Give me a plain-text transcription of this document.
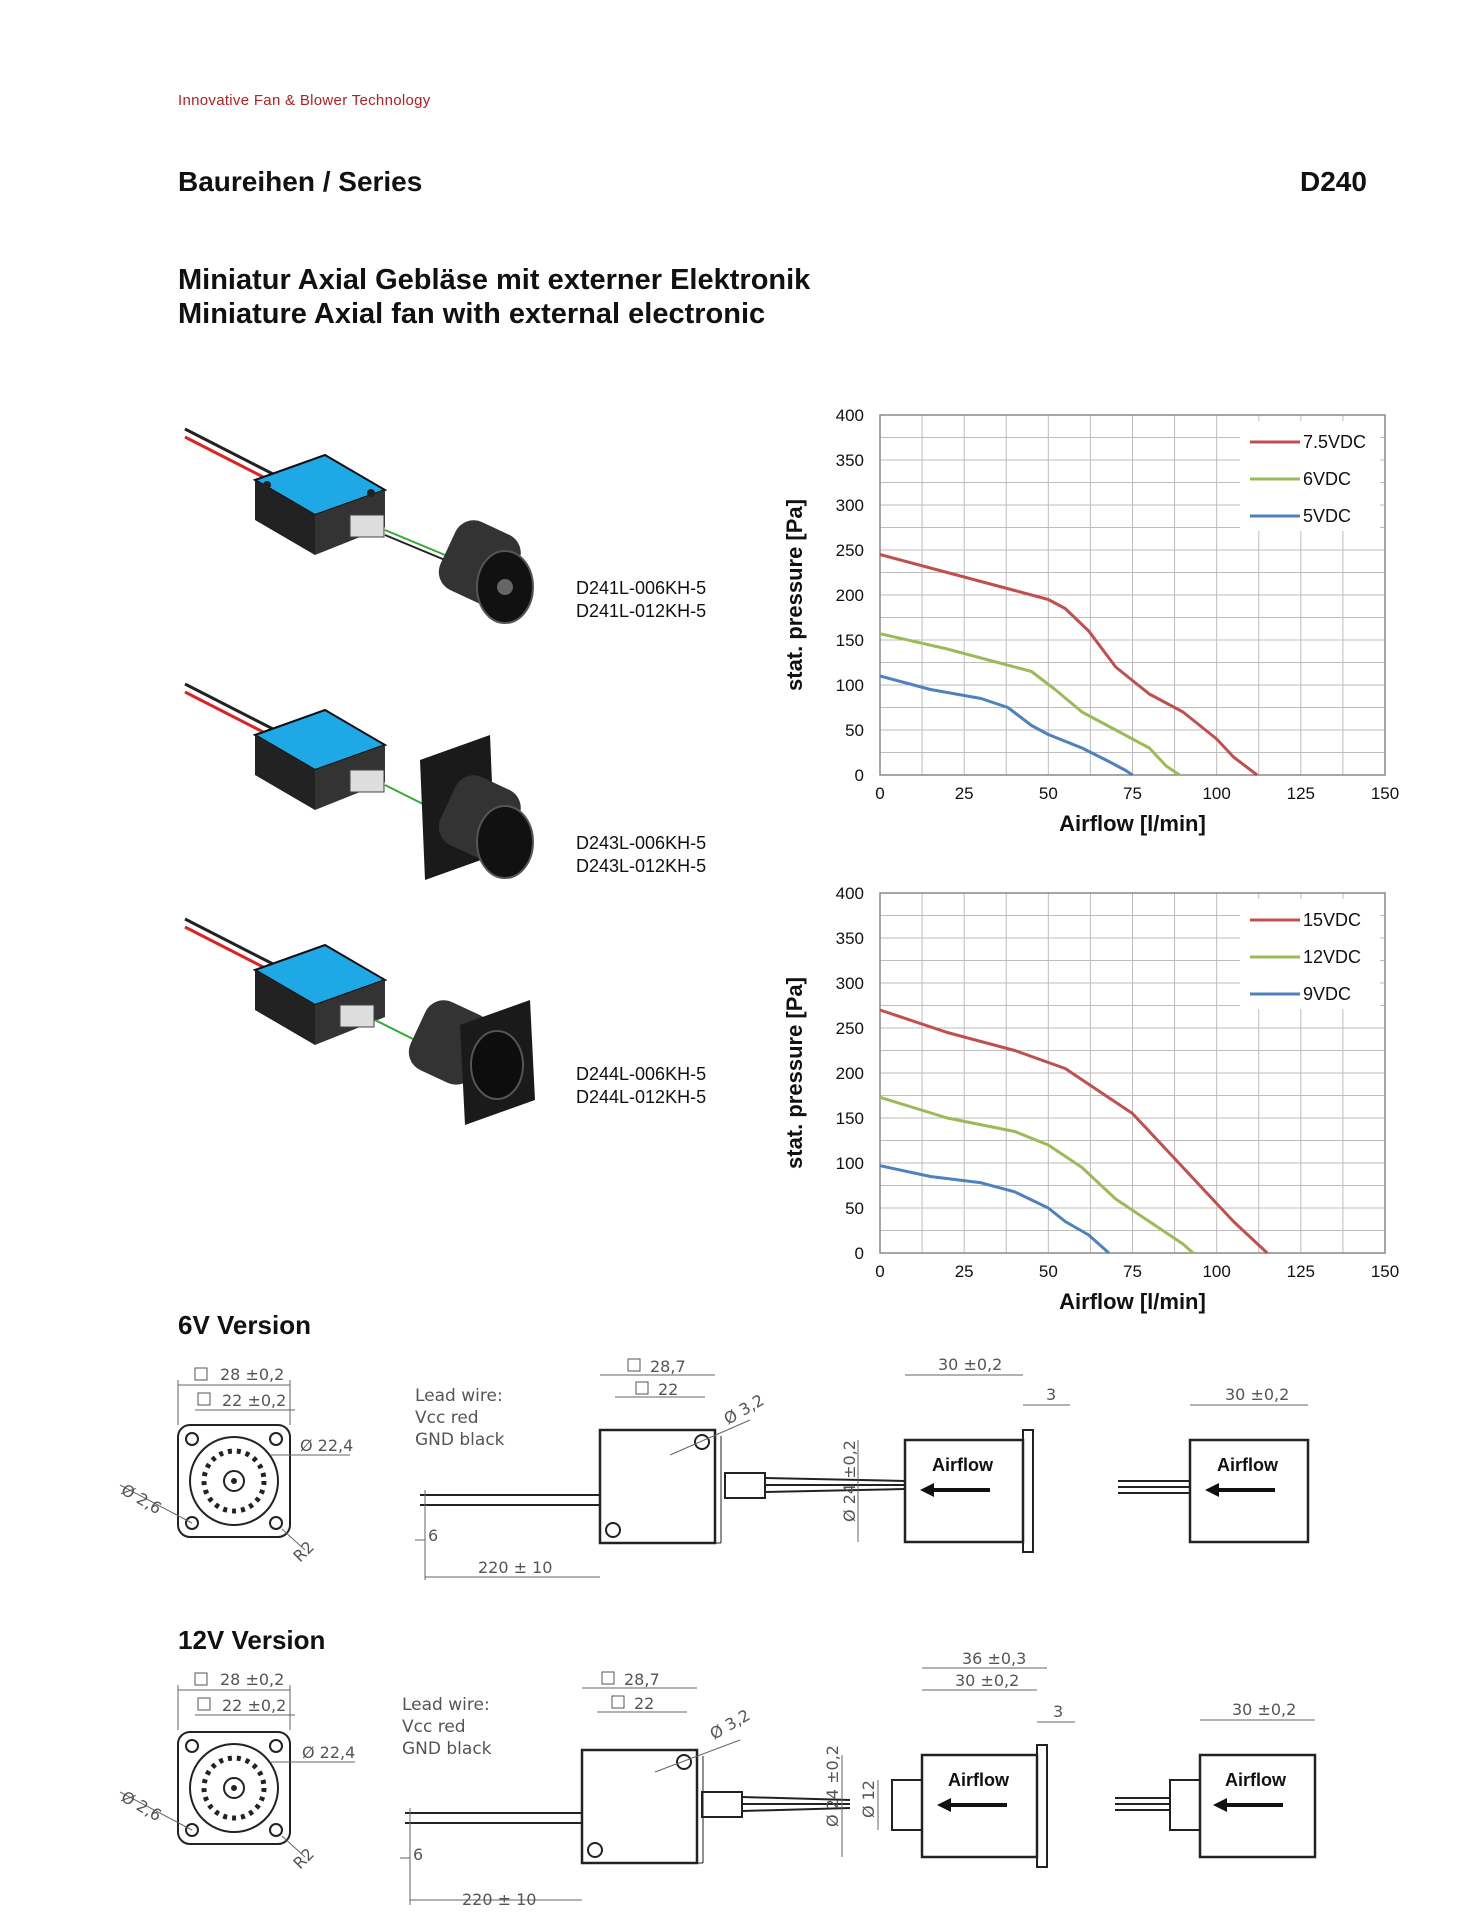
Innovative Fan & Blower Technology
Baureihen / Series	D240
Miniatur Axial Gebläse mit externer Elektronik
Miniature Axial fan with external electronic
D241L-006KH-5
D241L-012KH-5
D243L-006KH-5
D243L-012KH-5
D244L-006KH-5
D244L-012KH-5
0	25	50	75	100	125	150
0
50
100
150
200
250
300
350
400
Airflow [l/min]
stat. pressure [Pa]
7.5VDC
6VDC
5VDC
0	25	50	75	100	125	150
0
50
100
150
200
250
300
350
400
Airflow [l/min]
stat. pressure [Pa]
15VDC
12VDC
9VDC
6V Version
28 ±0,2
22 ±0,2
Ø 22,4
Ø 2,6
R2
Lead wire:
Vcc red
GND black
6
220 ± 10
28,7
22
Ø 3,2
Airflow
30 ±0,2
3
Ø 24 ±0,2	Airflow
30 ±0,2
12V Version
28 ±0,2
22 ±0,2
Ø 22,4
Ø 2,6
R2
Lead wire:
Vcc red
GND black
6
220 ± 10
28,7
22
Ø 3,2
Airflow
36 ±0,3
30 ±0,2
3
Ø 24 ±0,2 Ø 12	Airflow
30 ±0,2
